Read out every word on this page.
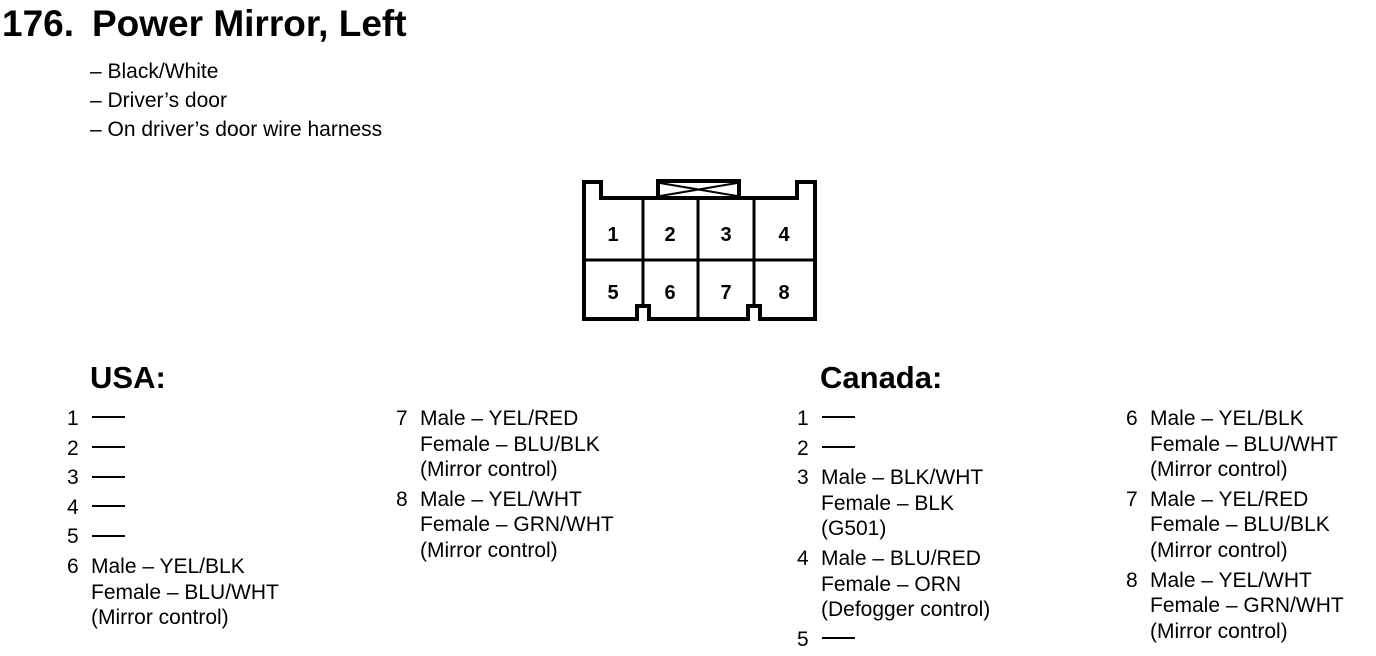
176. Power Mirror, Left
– Black/White
– Driver’s door
– On driver’s door wire harness
1 2 3 4
5 6 7 8
USA:
1
2
3
4
5
6 Male – YEL/BLK
Female – BLU/WHT
(Mirror control)
7 Male – YEL/RED
Female – BLU/BLK
(Mirror control)
8 Male – YEL/WHT
Female – GRN/WHT
(Mirror control)
Canada:
1
2
3 Male – BLK/WHT
Female – BLK
(G501)
4 Male – BLU/RED
Female – ORN
(Defogger control)
5
6 Male – YEL/BLK
Female – BLU/WHT
(Mirror control)
7 Male – YEL/RED
Female – BLU/BLK
(Mirror control)
8 Male – YEL/WHT
Female – GRN/WHT
(Mirror control)
